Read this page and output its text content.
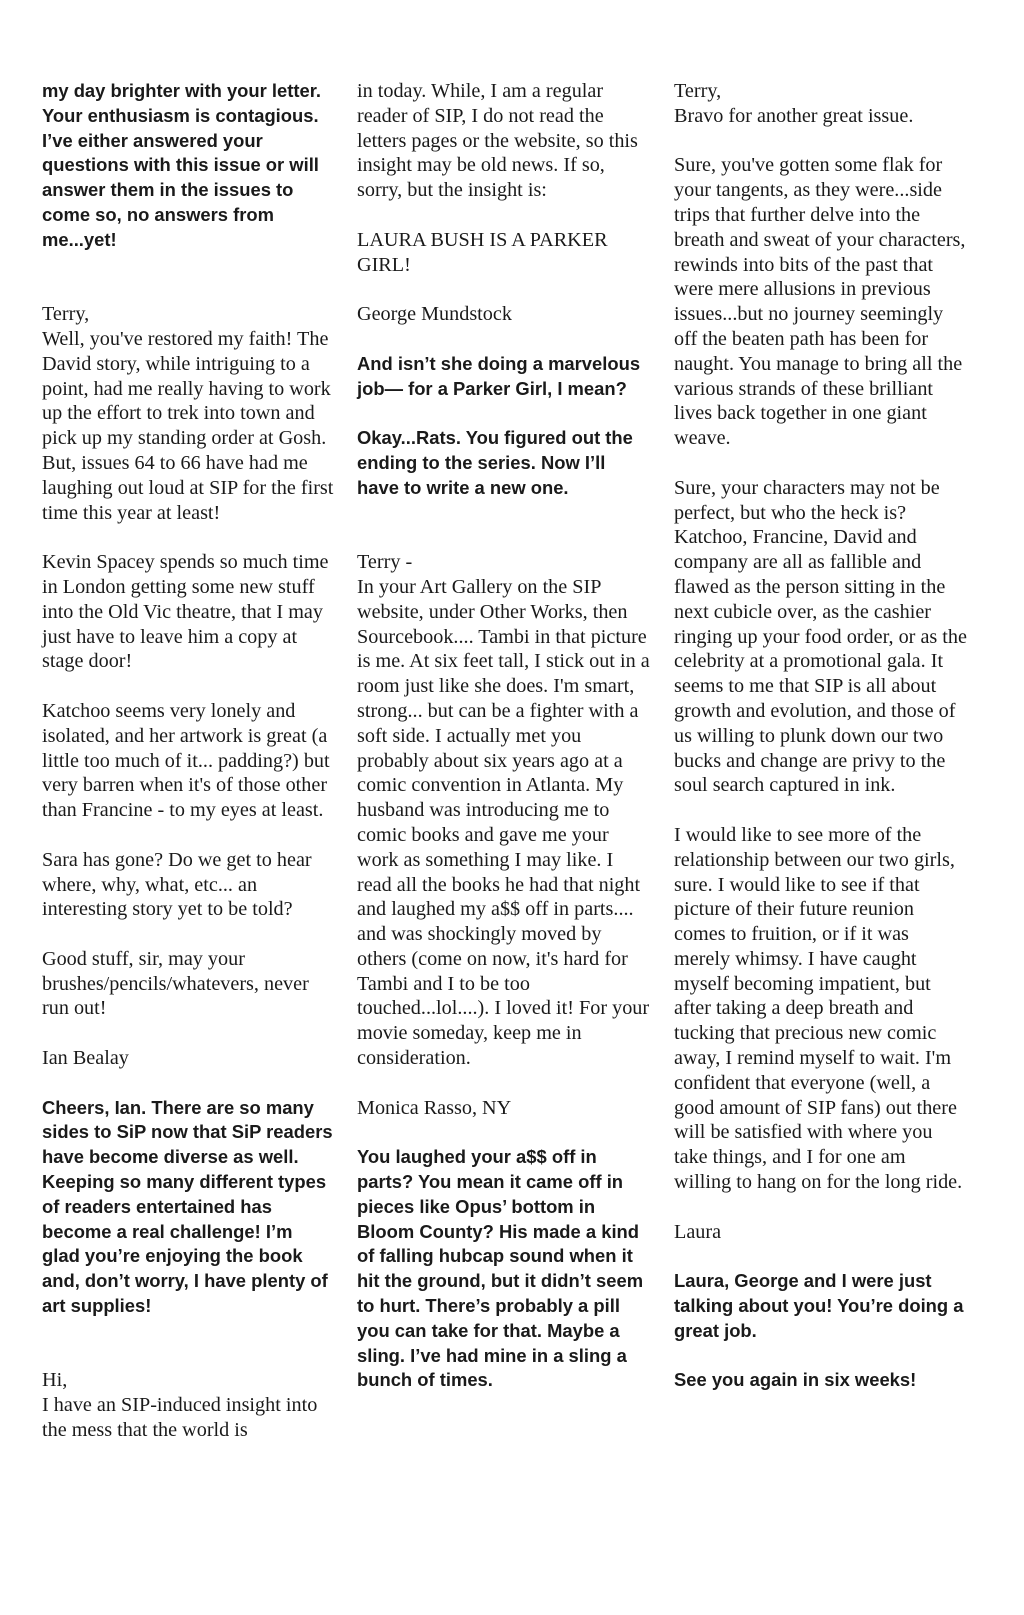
my day brighter with your letter. Your enthusiasm is contagious. I’ve either answered your questions with this issue or will answer them in the issues to come so, no answers from me...yet!

Terry,
Well, you've restored my faith! The David story, while intriguing to a point, had me really having to work up the effort to trek into town and pick up my standing order at Gosh. But, issues 64 to 66 have had me laughing out loud at SIP for the first time this year at least!

Kevin Spacey spends so much time in London getting some new stuff into the Old Vic theatre, that I may just have to leave him a copy at stage door!

Katchoo seems very lonely and isolated, and her artwork is great (a little too much of it... padding?) but very barren when it's of those other than Francine - to my eyes at least.

Sara has gone? Do we get to hear where, why, what, etc... an interesting story yet to be told?

Good stuff, sir, may your brushes/pencils/whatevers, never run out!

Ian Bealay

Cheers, Ian. There are so many sides to SiP now that SiP readers have become diverse as well. Keeping so many different types of readers entertained has become a real challenge! I’m glad you’re enjoying the book and, don’t worry, I have plenty of art supplies!

Hi,
I have an SIP-induced insight into the mess that the world is

in today. While, I am a regular reader of SIP, I do not read the letters pages or the website, so this insight may be old news. If so, sorry, but the insight is:

LAURA BUSH IS A PARKER GIRL!

George Mundstock

And isn’t she doing a marvelous job— for a Parker Girl, I mean?

Okay...Rats. You figured out the ending to the series. Now I’ll have to write a new one.

Terry -
In your Art Gallery on the SIP website, under Other Works, then Sourcebook.... Tambi in that picture is me. At six feet tall, I stick out in a room just like she does. I'm smart, strong... but can be a fighter with a soft side. I actually met you probably about six years ago at a comic convention in Atlanta. My husband was introducing me to comic books and gave me your work as something I may like. I read all the books he had that night and laughed my a$$ off in parts.... and was shockingly moved by others (come on now, it's hard for Tambi and I to be too touched...lol....). I loved it! For your movie someday, keep me in consideration.

Monica Rasso, NY

You laughed your a$$ off in parts? You mean it came off in pieces like Opus’ bottom in Bloom County? His made a kind of falling hubcap sound when it hit the ground, but it didn’t seem to hurt. There’s probably a pill you can take for that. Maybe a sling. I’ve had mine in a sling a bunch of times.

Terry,
Bravo for another great issue.

Sure, you've gotten some flak for your tangents, as they were...side trips that further delve into the breath and sweat of your characters, rewinds into bits of the past that were mere allusions in previous issues...but no journey seemingly off the beaten path has been for naught. You manage to bring all the various strands of these brilliant lives back together in one giant weave.

Sure, your characters may not be perfect, but who the heck is? Katchoo, Francine, David and company are all as fallible and flawed as the person sitting in the next cubicle over, as the cashier ringing up your food order, or as the celebrity at a promotional gala. It seems to me that SIP is all about growth and evolution, and those of us willing to plunk down our two bucks and change are privy to the soul search captured in ink.

I would like to see more of the relationship between our two girls, sure. I would like to see if that picture of their future reunion comes to fruition, or if it was merely whimsy. I have caught myself becoming impatient, but after taking a deep breath and tucking that precious new comic away, I remind myself to wait. I'm confident that everyone (well, a good amount of SIP fans) out there will be satisfied with where you take things, and I for one am willing to hang on for the long ride.

Laura

Laura, George and I were just talking about you! You’re doing a great job.

See you again in six weeks!
